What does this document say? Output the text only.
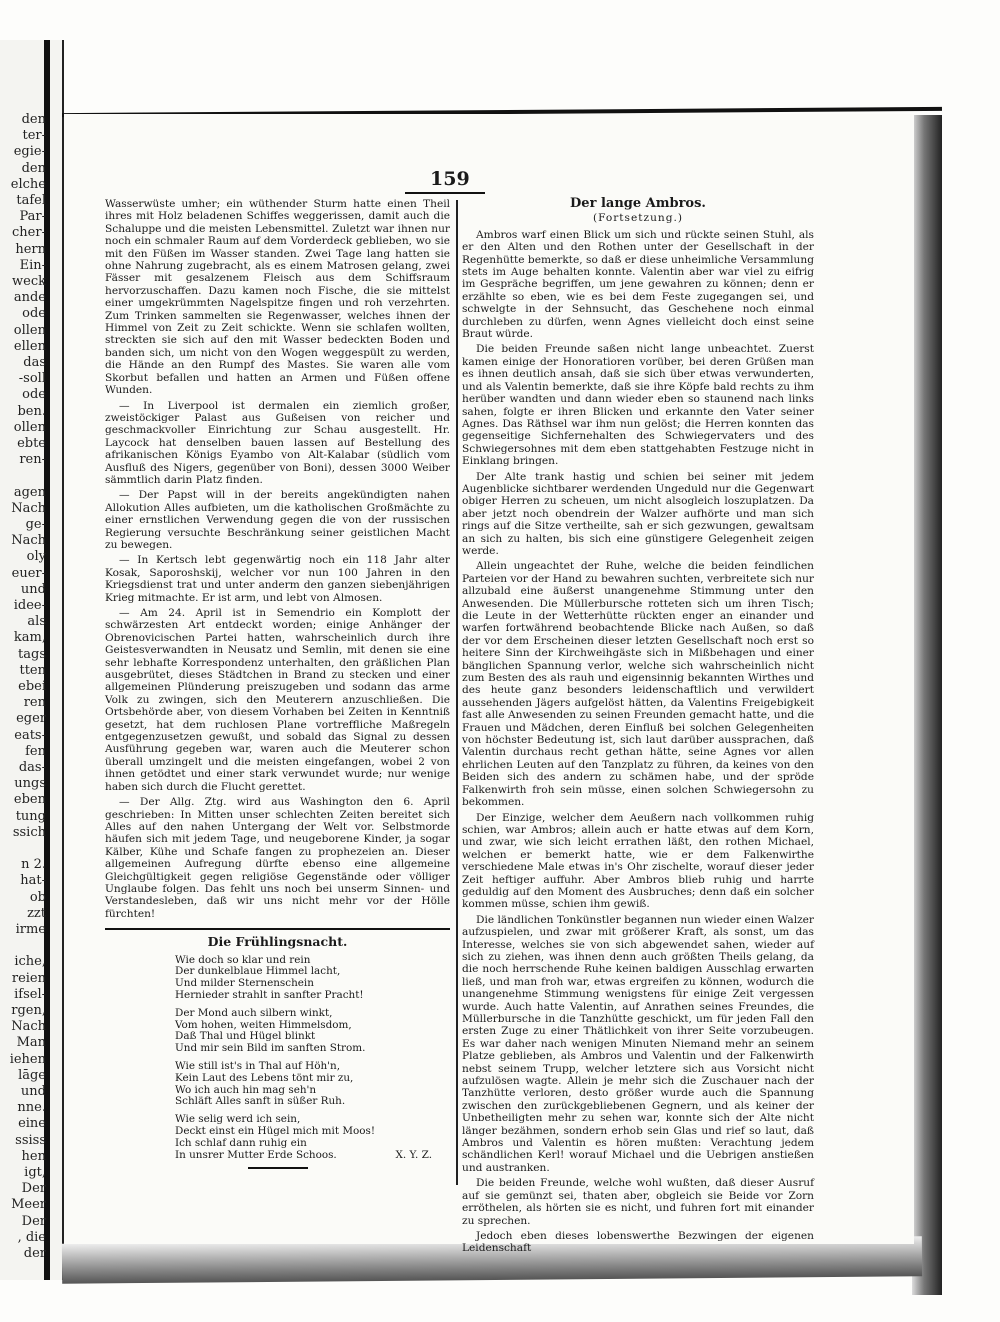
den
ter-
egie-
den
elche
tafel
Par-
cher-
hern
Ein-
weck
ande
ode
ollen
ellen
das
-soll
ode
ben.
ollen
ebte
ren-
agen
Nach
ge-
Nach
oly
euer-
und
idee-
als
kam,
tags
tten
ebei
ren
eger
eats-
fen
das-
ungs
eben
tung
ssich
n 2.
hat-
ob
zzt
irme
iche,
reien
ifsel-
rgen,
Nach
Man
iehen
lāge
und
nne.
eine
ssiss
hen
igt,
Der
Meer
Der
, die
der
159

Wasserwüste umher; ein wüthender Sturm hatte einen Theil ihres mit Holz beladenen Schiffes weggerissen, damit auch die Schaluppe und die meisten Lebensmittel. Zuletzt war ihnen nur noch ein schmaler Raum auf dem Vorderdeck geblieben, wo sie mit den Füßen im Wasser standen. Zwei Tage lang hatten sie ohne Nahrung zugebracht, als es einem Matrosen gelang, zwei Fässer mit gesalzenem Fleisch aus dem Schiffsraum hervorzuschaffen. Dazu kamen noch Fische, die sie mittelst einer umgekrümmten Nagelspitze fingen und roh verzehrten. Zum Trinken sammelten sie Regenwasser, welches ihnen der Himmel von Zeit zu Zeit schickte. Wenn sie schlafen wollten, streckten sie sich auf den mit Wasser bedeckten Boden und banden sich, um nicht von den Wogen weggespült zu werden, die Hände an den Rumpf des Mastes. Sie waren alle vom Skorbut befallen und hatten an Armen und Füßen offene Wunden.

— In Liverpool ist dermalen ein ziemlich großer, zweistöckiger Palast aus Gußeisen von reicher und geschmackvoller Einrichtung zur Schau ausgestellt. Hr. Laycock hat denselben bauen lassen auf Bestellung des afrikanischen Königs Eyambo von Alt-Kalabar (südlich vom Ausfluß des Nigers, gegenüber von Boni), dessen 3000 Weiber sämmtlich darin Platz finden.

— Der Papst will in der bereits angekündigten nahen Allokution Alles aufbieten, um die katholischen Großmächte zu einer ernstlichen Verwendung gegen die von der russischen Regierung versuchte Beschränkung seiner geistlichen Macht zu bewegen.

— In Kertsch lebt gegenwärtig noch ein 118 Jahr alter Kosak, Saporoshskij, welcher vor nun 100 Jahren in den Kriegsdienst trat und unter anderm den ganzen siebenjährigen Krieg mitmachte. Er ist arm, und lebt von Almosen.

— Am 24. April ist in Semendrio ein Komplott der schwärzesten Art entdeckt worden; einige Anhänger der Obrenovicischen Partei hatten, wahrscheinlich durch ihre Geistesverwandten in Neusatz und Semlin, mit denen sie eine sehr lebhafte Korrespondenz unterhalten, den gräßlichen Plan ausgebrütet, dieses Städtchen in Brand zu stecken und einer allgemeinen Plünderung preiszugeben und sodann das arme Volk zu zwingen, sich den Meuterern anzuschließen. Die Ortsbehörde aber, von diesem Vorhaben bei Zeiten in Kenntniß gesetzt, hat dem ruchlosen Plane vortreffliche Maßregeln entgegenzusetzen gewußt, und sobald das Signal zu dessen Ausführung gegeben war, waren auch die Meuterer schon überall umzingelt und die meisten eingefangen, wobei 2 von ihnen getödtet und einer stark verwundet wurde; nur wenige haben sich durch die Flucht gerettet.

— Der Allg. Ztg. wird aus Washington den 6. April geschrieben: In Mitten unser schlechten Zeiten bereitet sich Alles auf den nahen Untergang der Welt vor. Selbstmorde häufen sich mit jedem Tage, und neugeborene Kinder, ja sogar Kälber, Kühe und Schafe fangen zu prophezeien an. Dieser allgemeinen Aufregung dürfte ebenso eine allgemeine Gleichgültigkeit gegen religiöse Gegenstände oder völliger Unglaube folgen. Das fehlt uns noch bei unserm Sinnen- und Verstandesleben, daß wir uns nicht mehr vor der Hölle fürchten!

Die Frühlingsnacht.
Wie doch so klar und rein
Der dunkelblaue Himmel lacht,
Und milder Sternenschein
Hernieder strahlt in sanfter Pracht!
Der Mond auch silbern winkt,
Vom hohen, weiten Himmelsdom,
Daß Thal und Hügel blinkt
Und mir sein Bild im sanften Strom.
Wie still ist's in Thal auf Höh'n,
Kein Laut des Lebens tönt mir zu,
Wo ich auch hin mag seh'n
Schläft Alles sanft in süßer Ruh.
Wie selig werd ich sein,
Deckt einst ein Hügel mich mit Moos!
Ich schlaf dann ruhig ein
In unsrer Mutter Erde Schoos.	X. Y. Z.

Der lange Ambros.

(Fortsetzung.)

Ambros warf einen Blick um sich und rückte seinen Stuhl, als er den Alten und den Rothen unter der Gesellschaft in der Regenhütte bemerkte, so daß er diese unheimliche Versammlung stets im Auge behalten konnte. Valentin aber war viel zu eifrig im Gespräche begriffen, um jene gewahren zu können; denn er erzählte so eben, wie es bei dem Feste zugegangen sei, und schwelgte in der Sehnsucht, das Geschehene noch einmal durchleben zu dürfen, wenn Agnes vielleicht doch einst seine Braut würde.

Die beiden Freunde saßen nicht lange unbeachtet. Zuerst kamen einige der Honoratioren vorüber, bei deren Grüßen man es ihnen deutlich ansah, daß sie sich über etwas verwunderten, und als Valentin bemerkte, daß sie ihre Köpfe bald rechts zu ihm herüber wandten und dann wieder eben so staunend nach links sahen, folgte er ihren Blicken und erkannte den Vater seiner Agnes. Das Räthsel war ihm nun gelöst; die Herren konnten das gegenseitige Sichfernehalten des Schwiegervaters und des Schwiegersohnes mit dem eben stattgehabten Festzuge nicht in Einklang bringen.

Der Alte trank hastig und schien bei seiner mit jedem Augenblicke sichtbarer werdenden Ungeduld nur die Gegenwart obiger Herren zu scheuen, um nicht alsogleich loszuplatzen. Da aber jetzt noch obendrein der Walzer aufhörte und man sich rings auf die Sitze vertheilte, sah er sich gezwungen, gewaltsam an sich zu halten, bis sich eine günstigere Gelegenheit zeigen werde.

Allein ungeachtet der Ruhe, welche die beiden feindlichen Parteien vor der Hand zu bewahren suchten, verbreitete sich nur allzubald eine äußerst unangenehme Stimmung unter den Anwesenden. Die Müllerbursche rotteten sich um ihren Tisch; die Leute in der Wetterhütte rückten enger an einander und warfen fortwährend beobachtende Blicke nach Außen, so daß der vor dem Erscheinen dieser letzten Gesellschaft noch erst so heitere Sinn der Kirchweihgäste sich in Mißbehagen und einer bänglichen Spannung verlor, welche sich wahrscheinlich nicht zum Besten des als rauh und eigensinnig bekannten Wirthes und des heute ganz besonders leidenschaftlich und verwildert aussehenden Jägers aufgelöst hätten, da Valentins Freigebigkeit fast alle Anwesenden zu seinen Freunden gemacht hatte, und die Frauen und Mädchen, deren Einfluß bei solchen Gelegenheiten von höchster Bedeutung ist, sich laut darüber aussprachen, daß Valentin durchaus recht gethan hätte, seine Agnes vor allen ehrlichen Leuten auf den Tanzplatz zu führen, da keines von den Beiden sich des andern zu schämen habe, und der spröde Falkenwirth froh sein müsse, einen solchen Schwiegersohn zu bekommen.

Der Einzige, welcher dem Aeußern nach vollkommen ruhig schien, war Ambros; allein auch er hatte etwas auf dem Korn, und zwar, wie sich leicht errathen läßt, den rothen Michael, welchen er bemerkt hatte, wie er dem Falkenwirthe verschiedene Male etwas in's Ohr zischelte, worauf dieser jeder Zeit heftiger auffuhr. Aber Ambros blieb ruhig und harrte geduldig auf den Moment des Ausbruches; denn daß ein solcher kommen müsse, schien ihm gewiß.

Die ländlichen Tonkünstler begannen nun wieder einen Walzer aufzuspielen, und zwar mit größerer Kraft, als sonst, um das Interesse, welches sie von sich abgewendet sahen, wieder auf sich zu ziehen, was ihnen denn auch größten Theils gelang, da die noch herrschende Ruhe keinen baldigen Ausschlag erwarten ließ, und man froh war, etwas ergreifen zu können, wodurch die unangenehme Stimmung wenigstens für einige Zeit vergessen wurde. Auch hatte Valentin, auf Anrathen seines Freundes, die Müllerbursche in die Tanzhütte geschickt, um für jeden Fall den ersten Zuge zu einer Thätlichkeit von ihrer Seite vorzubeugen. Es war daher nach wenigen Minuten Niemand mehr an seinem Platze geblieben, als Ambros und Valentin und der Falkenwirth nebst seinem Trupp, welcher letztere sich aus Vorsicht nicht aufzulösen wagte. Allein je mehr sich die Zuschauer nach der Tanzhütte verloren, desto größer wurde auch die Spannung zwischen den zurückgebliebenen Gegnern, und als keiner der Unbetheiligten mehr zu sehen war, konnte sich der Alte nicht länger bezähmen, sondern erhob sein Glas und rief so laut, daß Ambros und Valentin es hören mußten: Verachtung jedem schändlichen Kerl! worauf Michael und die Uebrigen anstießen und austranken.

Die beiden Freunde, welche wohl wußten, daß dieser Ausruf auf sie gemünzt sei, thaten aber, obgleich sie Beide vor Zorn erröthelen, als hörten sie es nicht, und fuhren fort mit einander zu sprechen.

Jedoch eben dieses lobenswerthe Bezwingen der eigenen Leidenschaft
